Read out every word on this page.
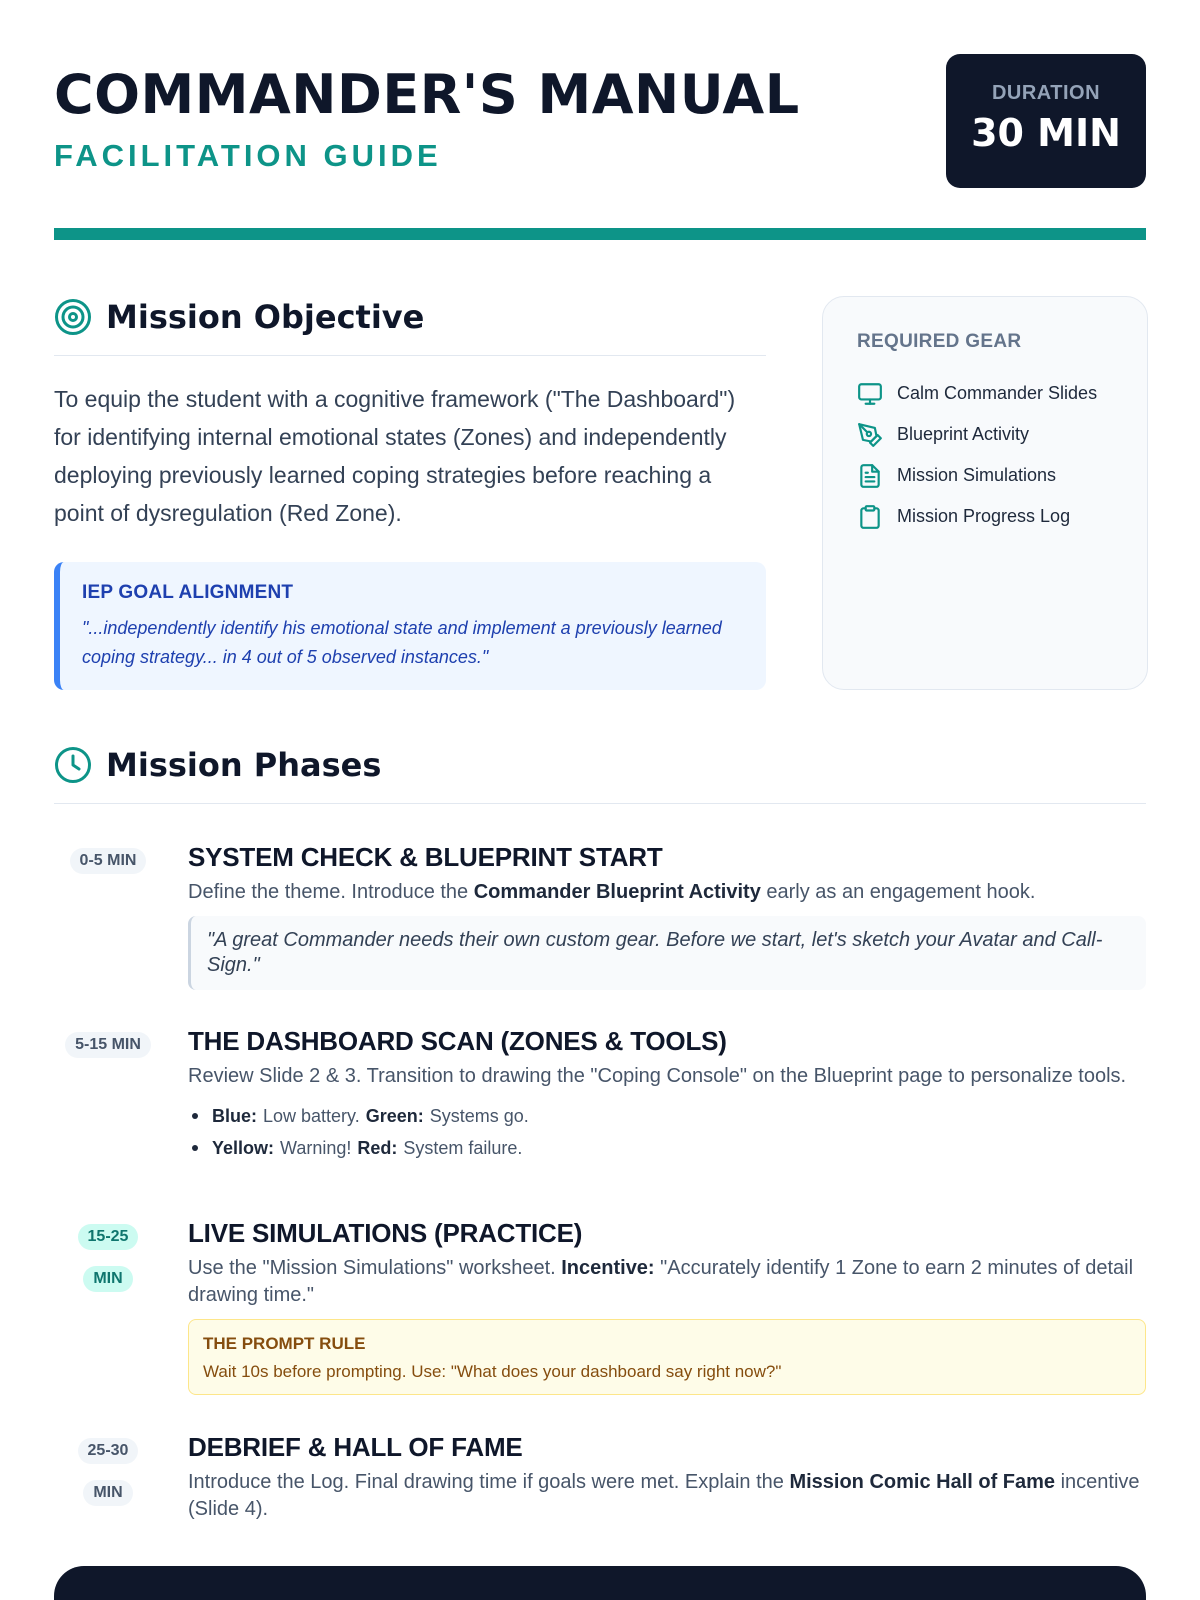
COMMANDER'S MANUAL
FACILITATION GUIDE
DURATION
30 MIN
Mission Objective
To equip the student with a cognitive framework ("The Dashboard") for identifying internal emotional states (Zones) and independently deploying previously learned coping strategies before reaching a point of dysregulation (Red Zone).
IEP GOAL ALIGNMENT
"...independently identify his emotional state and implement a previously learned coping strategy... in 4 out of 5 observed instances."
REQUIRED GEAR
Calm Commander Slides
Blueprint Activity
Mission Simulations
Mission Progress Log
Mission Phases
0-5 MIN	SYSTEM CHECK & BLUEPRINT START
Define the theme. Introduce the Commander Blueprint Activity early as an engagement hook.
"A great Commander needs their own custom gear. Before we start, let's sketch your Avatar and Call-Sign."
5-15 MIN	THE DASHBOARD SCAN (ZONES & TOOLS)
Review Slide 2 & 3. Transition to drawing the "Coping Console" on the Blueprint page to personalize tools.
Blue: Low battery. Green: Systems go.
Yellow: Warning! Red: System failure.
15-25
MIN
LIVE SIMULATIONS (PRACTICE)
Use the "Mission Simulations" worksheet. Incentive: "Accurately identify 1 Zone to earn 2 minutes of detail drawing time."
THE PROMPT RULE
Wait 10s before prompting. Use: "What does your dashboard say right now?"
25-30
MIN
DEBRIEF & HALL OF FAME
Introduce the Log. Final drawing time if goals were met. Explain the Mission Comic Hall of Fame incentive (Slide 4).
